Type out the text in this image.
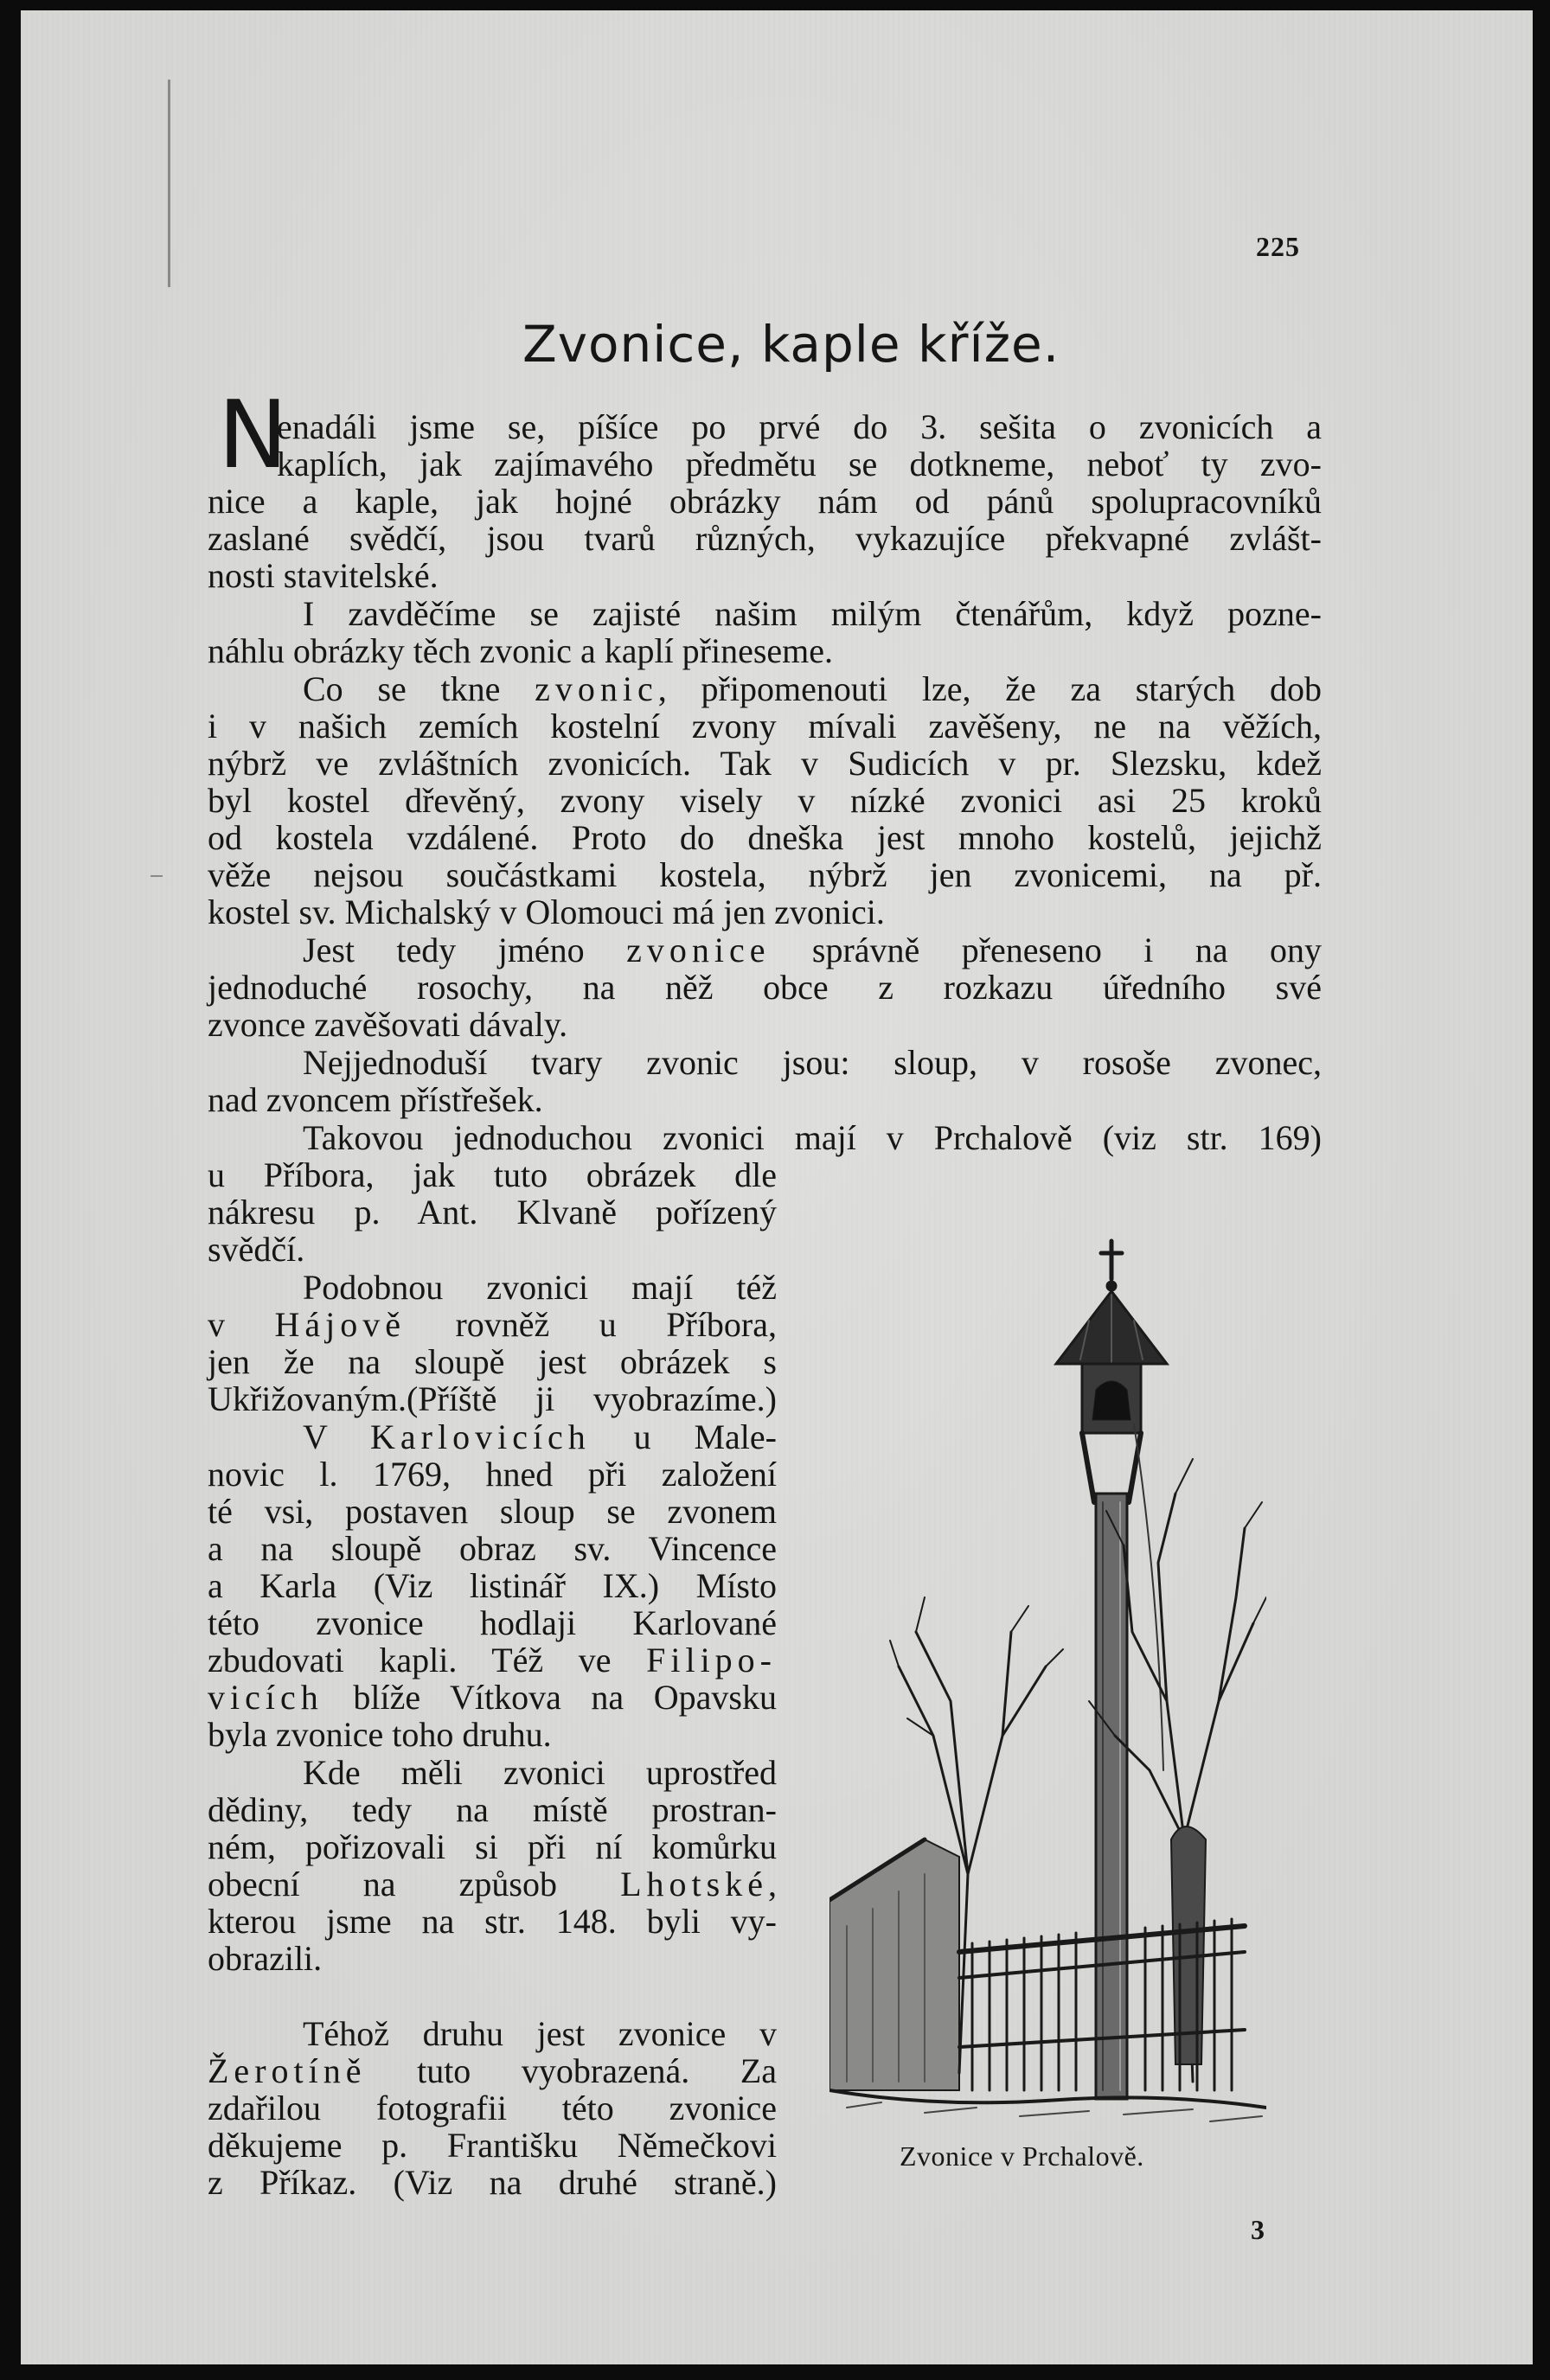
225
Zvonice, kaple kříže.
N
enadáli jsme se, píšíce po prvé do 3. sešita o zvonicích a
kaplích, jak zajímavého předmětu se dotkneme, neboť ty zvo-
nice a kaple, jak hojné obrázky nám od pánů spolupracovníků
zaslané svědčí, jsou tvarů různých, vykazujíce překvapné zvlášt-
nosti stavitelské.
I zavděčíme se zajisté našim milým čtenářům, když pozne-
náhlu obrázky těch zvonic a kaplí přineseme.
Co se tkne zvonic, připomenouti lze, že za starých dob
i v našich zemích kostelní zvony mívali zavěšeny, ne na věžích,
nýbrž ve zvláštních zvonicích. Tak v Sudicích v pr. Slezsku, kdež
byl kostel dřevěný, zvony visely v nízké zvonici asi 25 kroků
od kostela vzdálené. Proto do dneška jest mnoho kostelů, jejichž
věže nejsou součástkami kostela, nýbrž jen zvonicemi, na př.
kostel sv. Michalský v Olomouci má jen zvonici.
Jest tedy jméno zvonice správně přeneseno i na ony
jednoduché rosochy, na něž obce z rozkazu úředního své
zvonce zavěšovati dávaly.
Nejjednoduší tvary zvonic jsou: sloup, v rosoše zvonec,
nad zvoncem přístřešek.
Takovou jednoduchou zvonici mají v Prchalově (viz str. 169)
u Příbora, jak tuto obrázek dle
nákresu p. Ant. Klvaně pořízený
svědčí.
Podobnou zvonici mají též
v Hájově rovněž u Příbora,
jen že na sloupě jest obrázek s
Ukřižovaným.(Příště ji vyobrazíme.)
V Karlovicích u Male-
novic l. 1769, hned při založení
té vsi, postaven sloup se zvonem
a na sloupě obraz sv. Vincence
a Karla (Viz listinář IX.) Místo
této zvonice hodlaji Karlované
zbudovati kapli. Též ve Filipo-
vicích blíže Vítkova na Opavsku
byla zvonice toho druhu.
Kde měli zvonici uprostřed
dědiny, tedy na místě prostran-
ném, pořizovali si při ní komůrku
obecní na způsob Lhotské,
kterou jsme na str. 148. byli vy-
obrazili.
Téhož druhu jest zvonice v
Žerotíně tuto vyobrazená. Za
zdařilou fotografii této zvonice
děkujeme p. Františku Němečkovi
z Příkaz. (Viz na druhé straně.)
Zvonice v Prchalově.
3
